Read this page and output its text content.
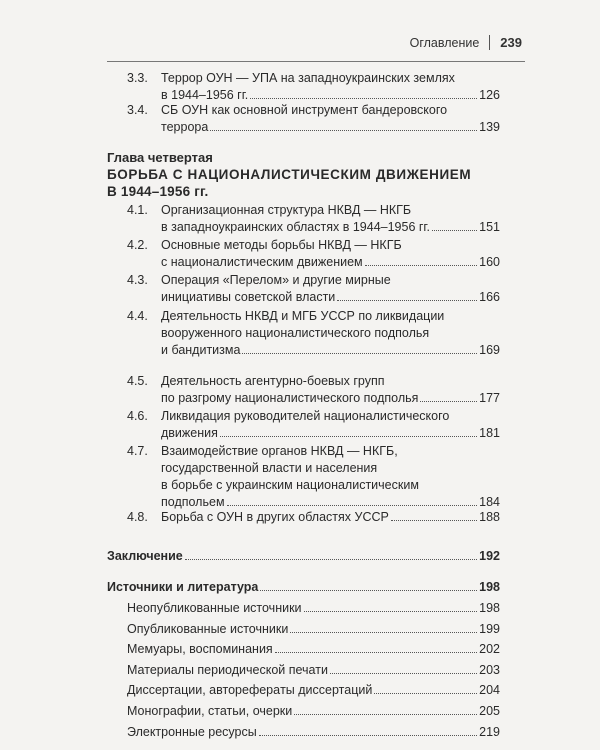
Оглавление 239
Глава четвертая
БОРЬБА С НАЦИОНАЛИСТИЧЕСКИМ ДВИЖЕНИЕМ
В 1944–1956 гг.
3.3. Террор ОУН — УПА на западноукраинских землях
в 1944–1956 гг.	126
3.4. СБ ОУН как основной инструмент бандеровского
террора	139
4.1. Организационная структура НКВД — НКГБ
в западноукраинских областях в 1944–1956 гг.	151
4.2. Основные методы борьбы НКВД — НКГБ
с националистическим движением	160
4.3. Операция «Перелом» и другие мирные
инициативы советской власти	166
4.4. Деятельность НКВД и МГБ УССР по ликвидации
вооруженного националистического подполья
и бандитизма	169
4.5. Деятельность агентурно-боевых групп
по разгрому националистического подполья	177
4.6. Ликвидация руководителей националистического
движения	181
4.7. Взаимодействие органов НКВД — НКГБ,
государственной власти и населения
в борьбе с украинским националистическим
подпольем	184
4.8. Борьба с ОУН в других областях УССР	188
Заключение	192
Источники и литература	198
Неопубликованные источники	198
Опубликованные источники	199
Мемуары, воспоминания	202
Материалы периодической печати	203
Диссертации, автореферaты диссертаций	204
Монографии, статьи, очерки	205
Электронные ресурсы	219
